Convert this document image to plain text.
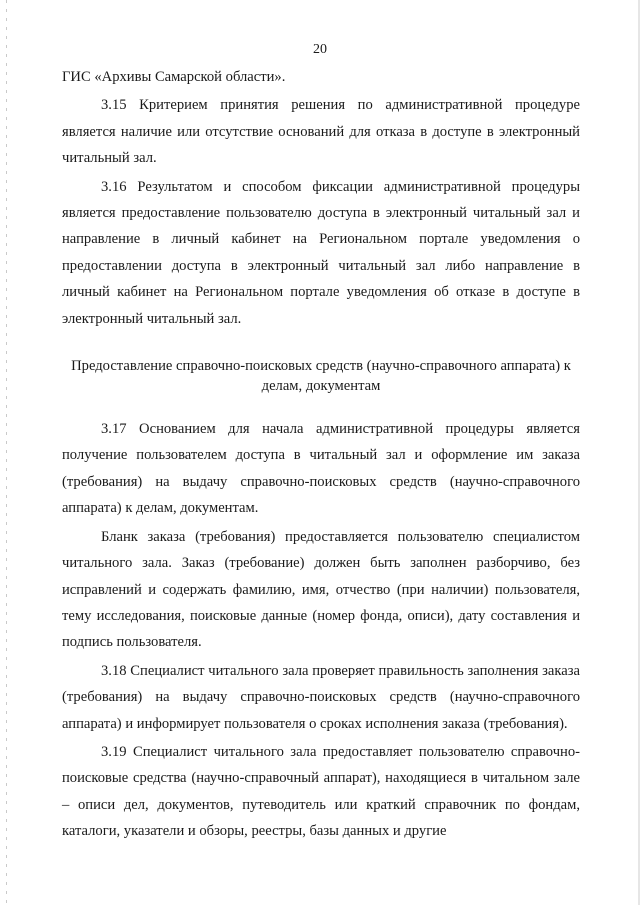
20

ГИС «Архивы Самарской области».

3.15 Критерием принятия решения по административной процедуре является наличие или отсутствие оснований для отказа в доступе в электронный читальный зал.

3.16 Результатом и способом фиксации административной процедуры является предоставление пользователю доступа в электронный читальный зал и направление в личный кабинет на Региональном портале уведомления о предоставлении доступа в электронный читальный зал либо направление в личный кабинет на Региональном портале уведомления об отказе в доступе в электронный читальный зал.

Предоставление справочно-поисковых средств (научно-справочного аппарата) к делам, документам

3.17 Основанием для начала административной процедуры является получение пользователем доступа в читальный зал и оформление им заказа (требования) на выдачу справочно-поисковых средств (научно-справочного аппарата) к делам, документам.

Бланк заказа (требования) предоставляется пользователю специалистом читального зала. Заказ (требование) должен быть заполнен разборчиво, без исправлений и содержать фамилию, имя, отчество (при наличии) пользователя, тему исследования, поисковые данные (номер фонда, описи), дату составления и подпись пользователя.

3.18 Специалист читального зала проверяет правильность заполнения заказа (требования) на выдачу справочно-поисковых средств (научно-справочного аппарата) и информирует пользователя о сроках исполнения заказа (требования).

3.19 Специалист читального зала предоставляет пользователю справочно-поисковые средства (научно-справочный аппарат), находящиеся в читальном зале – описи дел, документов, путеводитель или краткий справочник по фондам, каталоги, указатели и обзоры, реестры, базы данных и другие
